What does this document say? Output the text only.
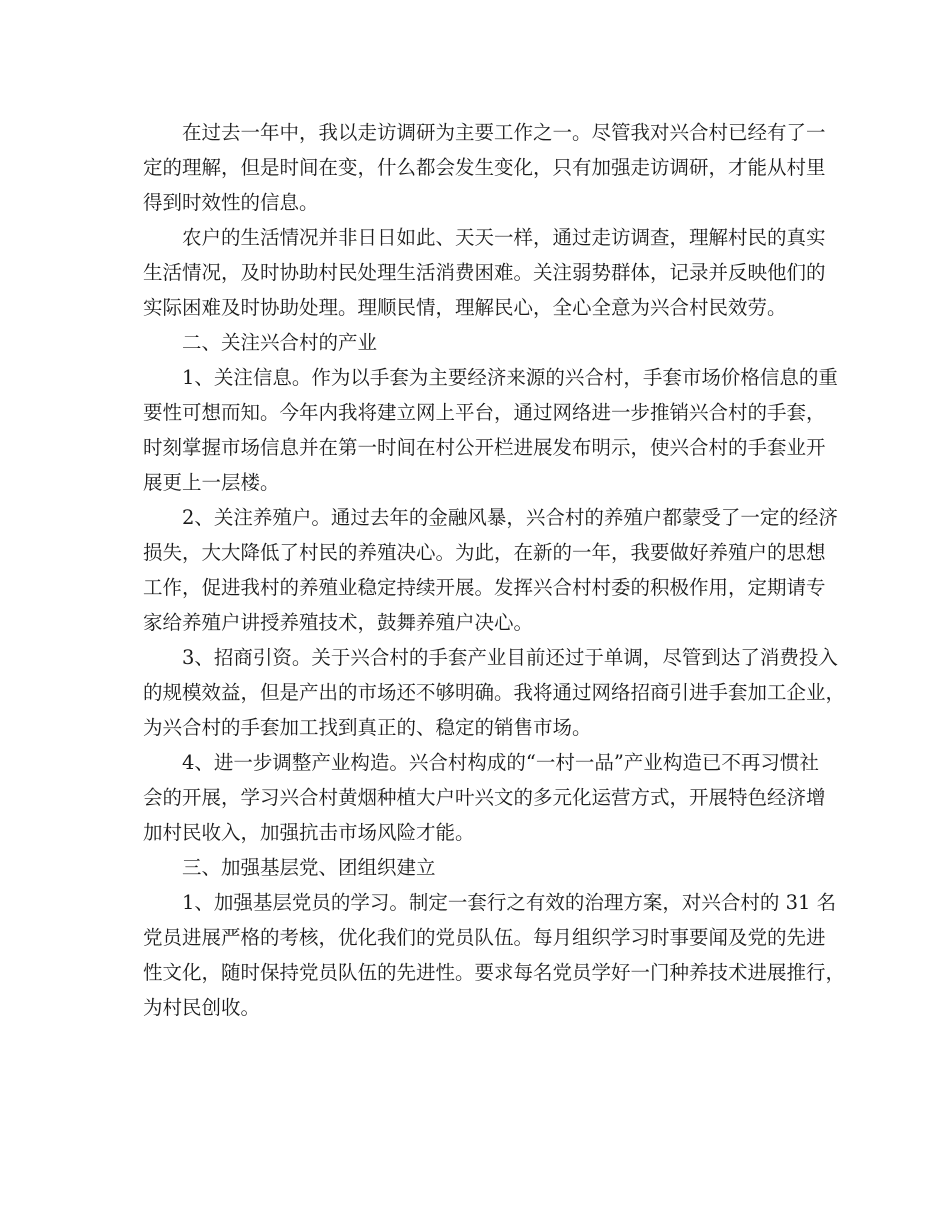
在过去一年中，我以走访调研为主要工作之一。尽管我对兴合村已经有了一
定的理解，但是时间在变，什么都会发生变化，只有加强走访调研，才能从村里
得到时效性的信息。
农户的生活情况并非日日如此、天天一样，通过走访调查，理解村民的真实
生活情况，及时协助村民处理生活消费困难。关注弱势群体，记录并反映他们的
实际困难及时协助处理。理顺民情，理解民心，全心全意为兴合村民效劳。
二、关注兴合村的产业
1、关注信息。作为以手套为主要经济来源的兴合村，手套市场价格信息的重
要性可想而知。今年内我将建立网上平台，通过网络进一步推销兴合村的手套，
时刻掌握市场信息并在第一时间在村公开栏进展发布明示，使兴合村的手套业开
展更上一层楼。
2、关注养殖户。通过去年的金融风暴，兴合村的养殖户都蒙受了一定的经济
损失，大大降低了村民的养殖决心。为此，在新的一年，我要做好养殖户的思想
工作，促进我村的养殖业稳定持续开展。发挥兴合村村委的积极作用，定期请专
家给养殖户讲授养殖技术，鼓舞养殖户决心。
3、招商引资。关于兴合村的手套产业目前还过于单调，尽管到达了消费投入
的规模效益，但是产出的市场还不够明确。我将通过网络招商引进手套加工企业，
为兴合村的手套加工找到真正的、稳定的销售市场。
4、进一步调整产业构造。兴合村构成的“一村一品”产业构造已不再习惯社
会的开展，学习兴合村黄烟种植大户叶兴文的多元化运营方式，开展特色经济增
加村民收入，加强抗击市场风险才能。
三、加强基层党、团组织建立
1、加强基层党员的学习。制定一套行之有效的治理方案，对兴合村的 31 名
党员进展严格的考核，优化我们的党员队伍。每月组织学习时事要闻及党的先进
性文化，随时保持党员队伍的先进性。要求每名党员学好一门种养技术进展推行，
为村民创收。
